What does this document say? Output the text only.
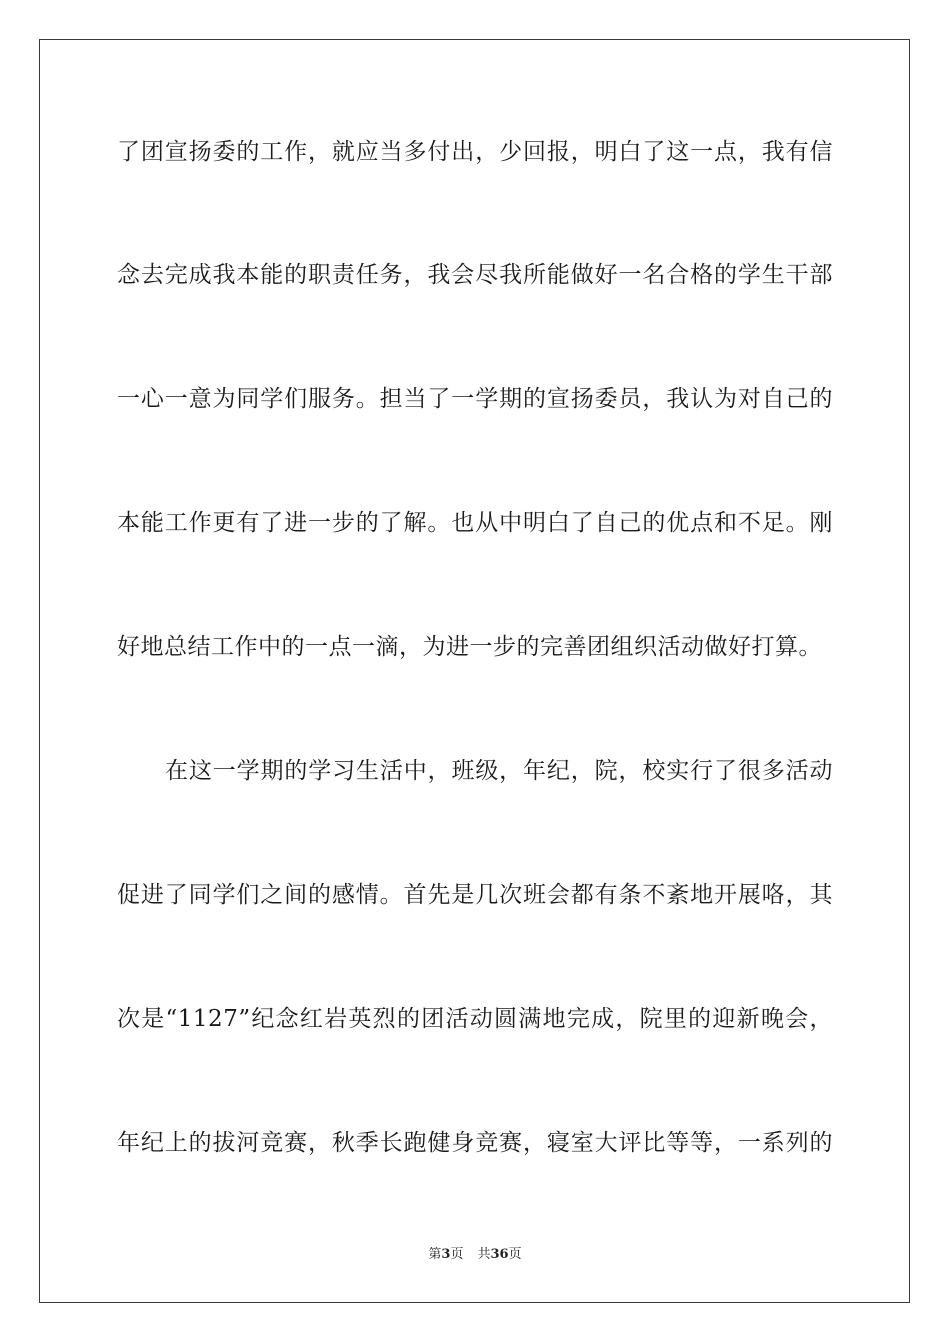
了团宣扬委的工作，就应当多付出，少回报，明白了这一点，我有信
念去完成我本能的职责任务，我会尽我所能做好一名合格的学生干部
一心一意为同学们服务。担当了一学期的宣扬委员，我认为对自己的
本能工作更有了进一步的了解。也从中明白了自己的优点和不足。刚
好地总结工作中的一点一滴，为进一步的完善团组织活动做好打算。
在这一学期的学习生活中，班级，年纪，院，校实行了很多活动
促进了同学们之间的感情。首先是几次班会都有条不紊地开展咯，其
次是“1127”纪念红岩英烈的团活动圆满地完成，院里的迎新晚会，
年纪上的拔河竞赛，秋季长跑健身竞赛，寝室大评比等等，一系列的
第3页 共36页
